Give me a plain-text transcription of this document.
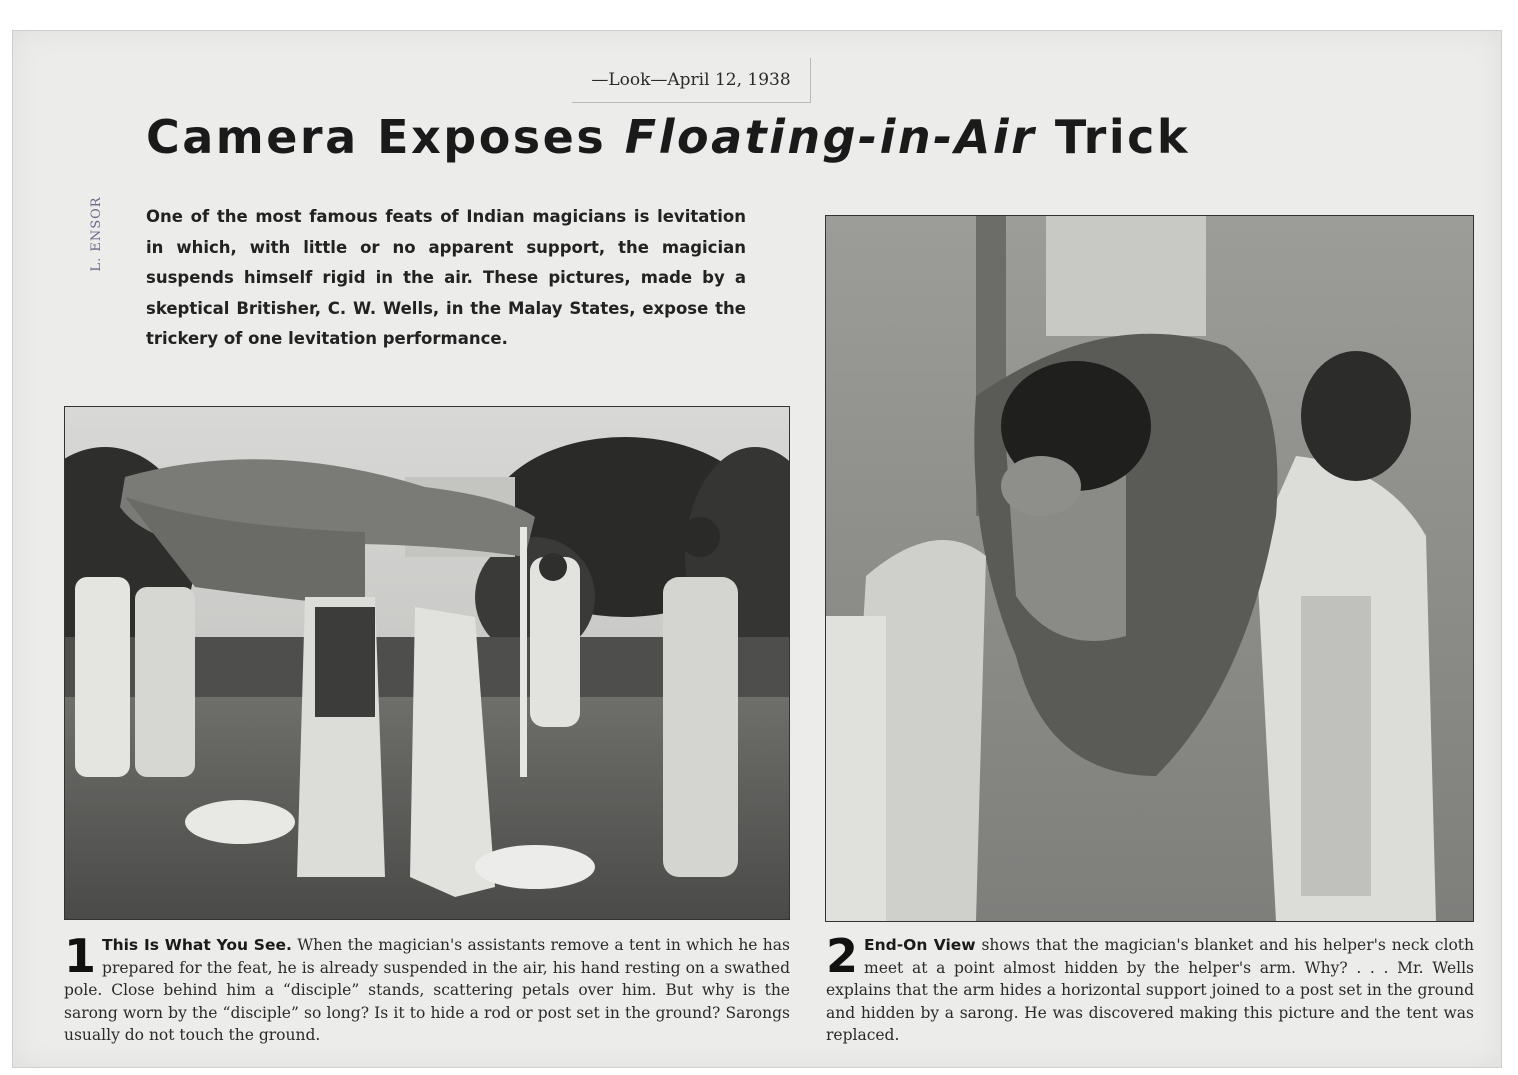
—Look—April 12, 1938
L. ENSOR
Camera Exposes Floating-in-Air Trick
One of the most famous feats of Indian magicians is levitation in which, with little or no apparent support, the magician suspends himself rigid in the air. These pictures, made by a skeptical Britisher, C. W. Wells, in the Malay States, expose the trickery of one levitation performance.
1 This Is What You See. When the magician's assistants remove a tent in which he has prepared for the feat, he is already suspended in the air, his hand resting on a swathed pole. Close behind him a “disciple” stands, scattering petals over him. But why is the sarong worn by the “disciple” so long? Is it to hide a rod or post set in the ground? Sarongs usually do not touch the ground.
2 End-On View shows that the magician's blanket and his helper's neck cloth meet at a point almost hidden by the helper's arm. Why? . . . Mr. Wells explains that the arm hides a horizontal support joined to a post set in the ground and hidden by a sarong. He was discovered making this picture and the tent was replaced.
